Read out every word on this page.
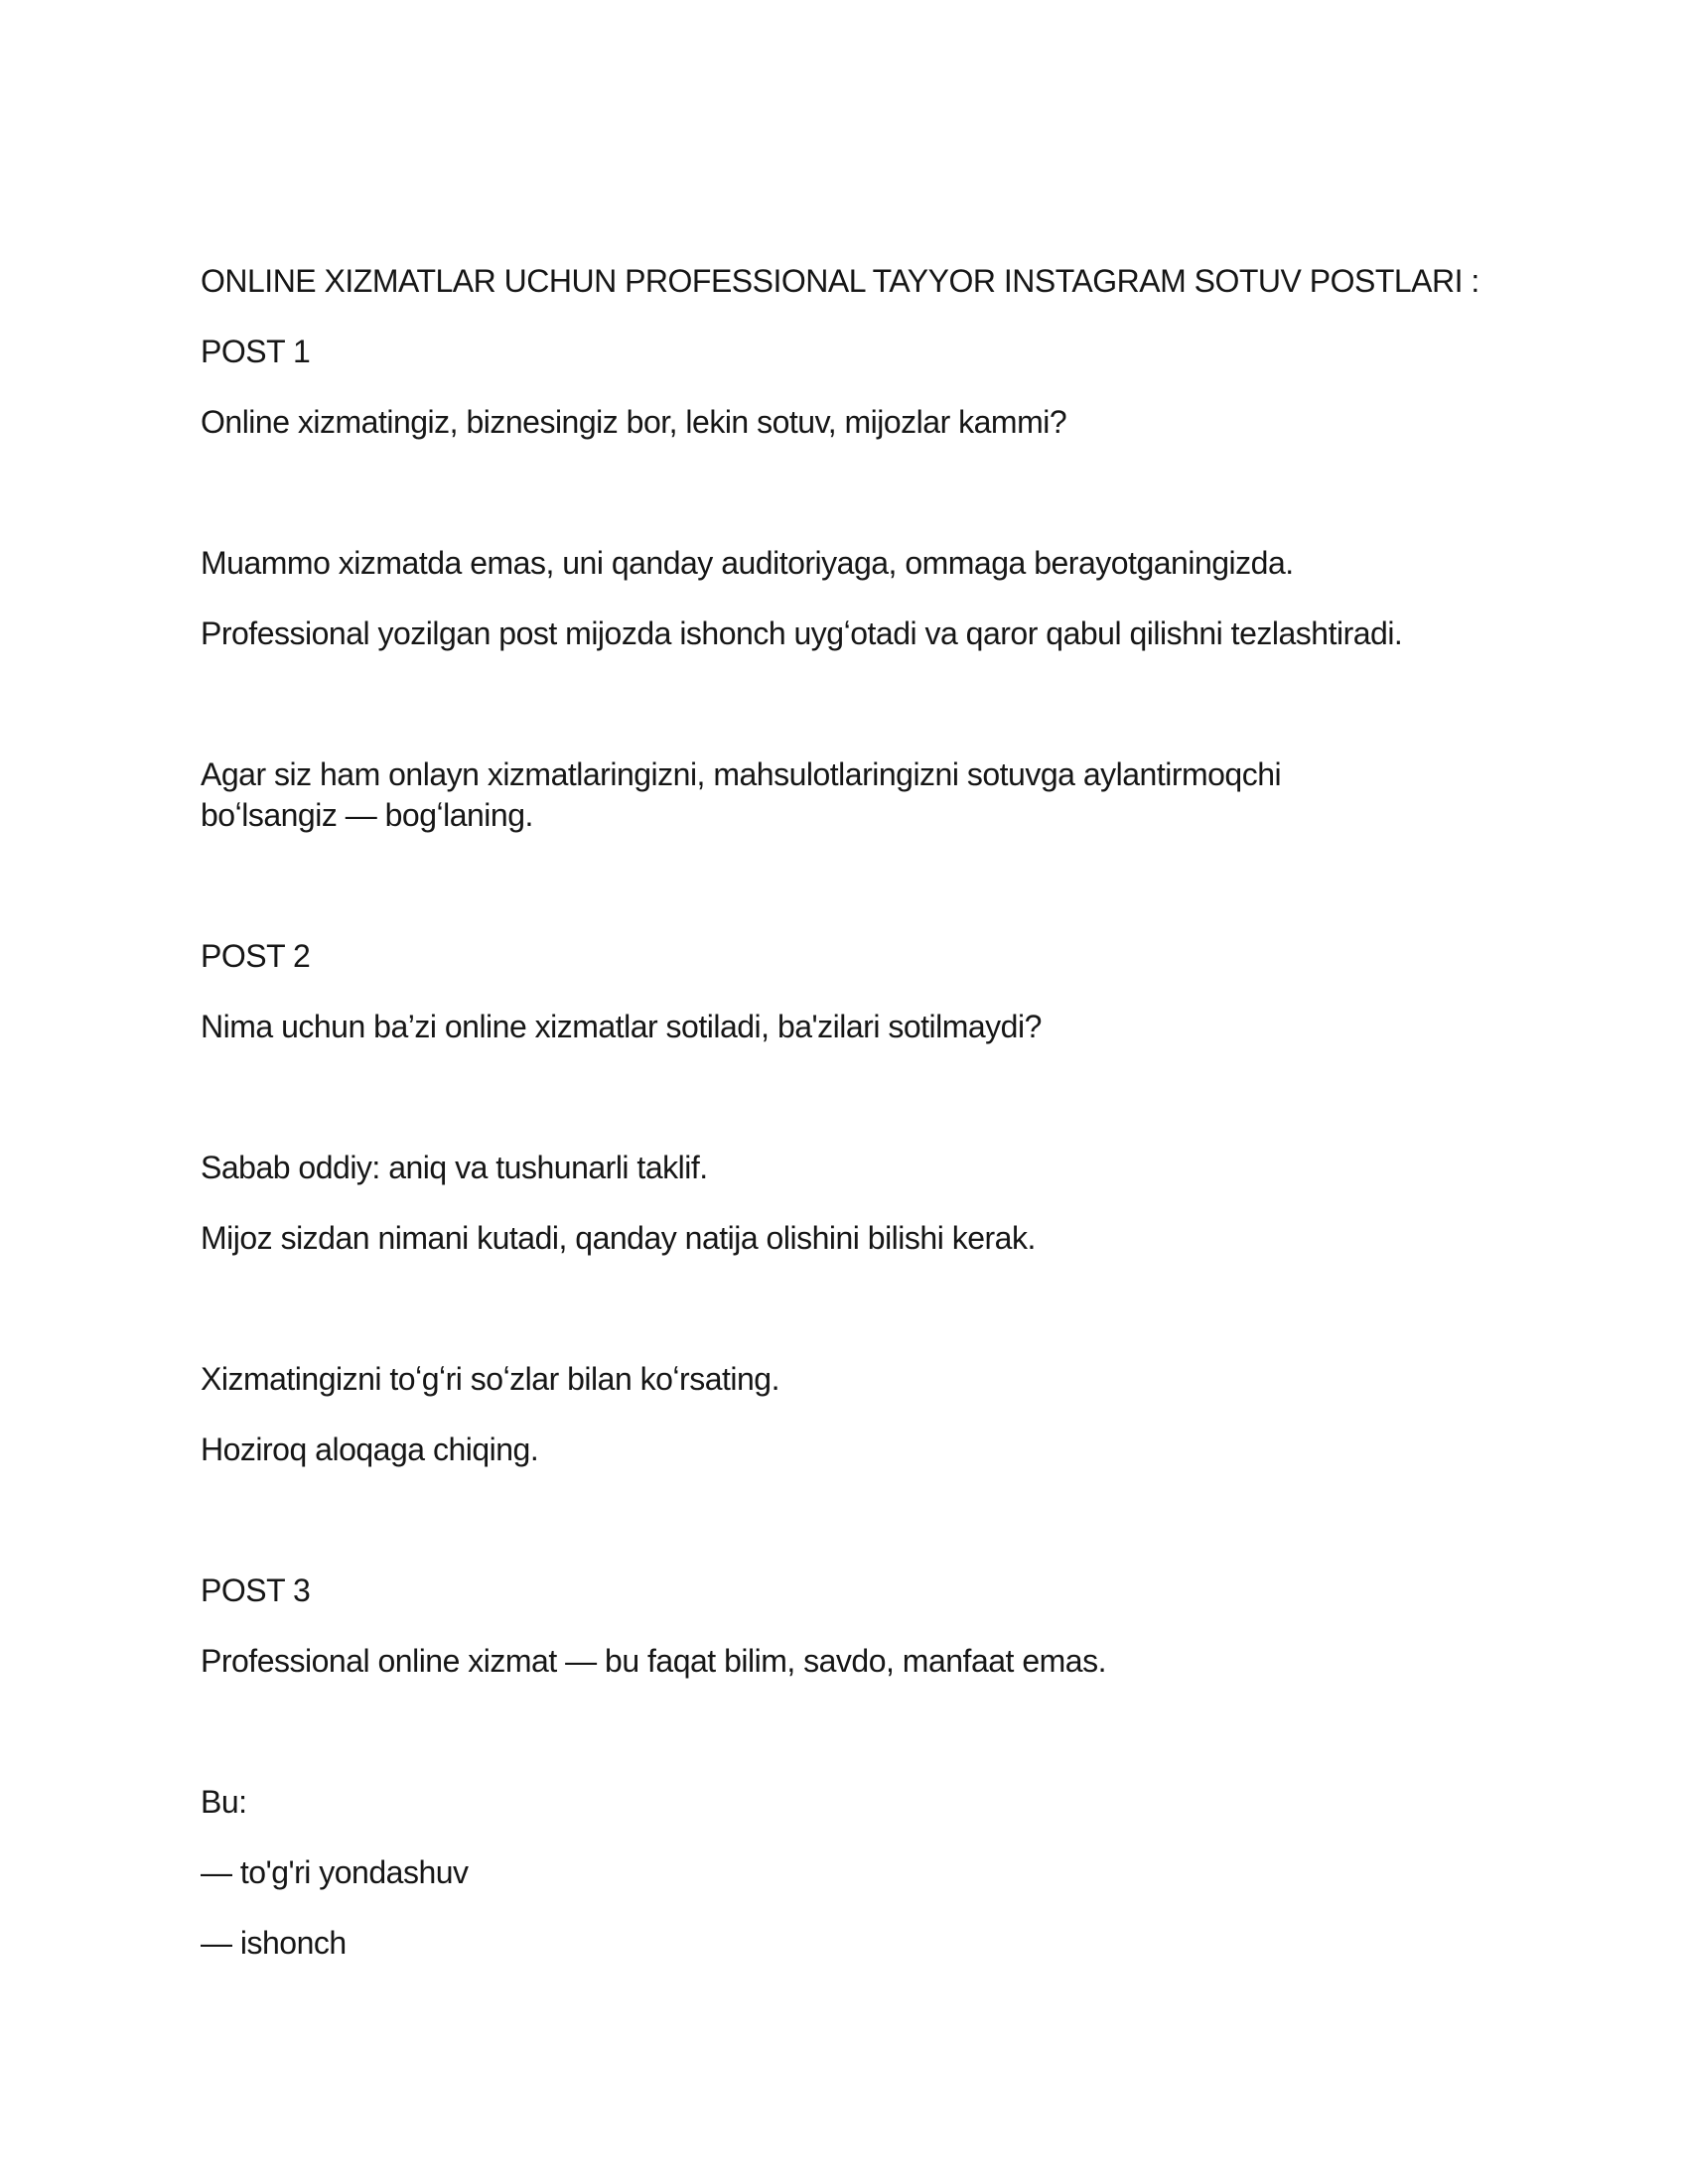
ONLINE XIZMATLAR UCHUN PROFESSIONAL TAYYOR INSTAGRAM SOTUV POSTLARI :

POST 1

Online xizmatingiz, biznesingiz bor, lekin sotuv, mijozlar kammi?

Muammo xizmatda emas, uni qanday auditoriyaga, ommaga berayotganingizda.

Professional yozilgan post mijozda ishonch uygʻotadi va qaror qabul qilishni tezlashtiradi.

Agar siz ham onlayn xizmatlaringizni, mahsulotlaringizni sotuvga aylantirmoqchi

boʻlsangiz — bogʻlaning.

POST 2

Nima uchun ba’zi online xizmatlar sotiladi, ba'zilari sotilmaydi?

Sabab oddiy: aniq va tushunarli taklif.

Mijoz sizdan nimani kutadi, qanday natija olishini bilishi kerak.

Xizmatingizni toʻgʻri soʻzlar bilan koʻrsating.

Hoziroq aloqaga chiqing.

POST 3

Professional online xizmat — bu faqat bilim, savdo, manfaat emas.

Bu:

— to'g'ri yondashuv

— ishonch
